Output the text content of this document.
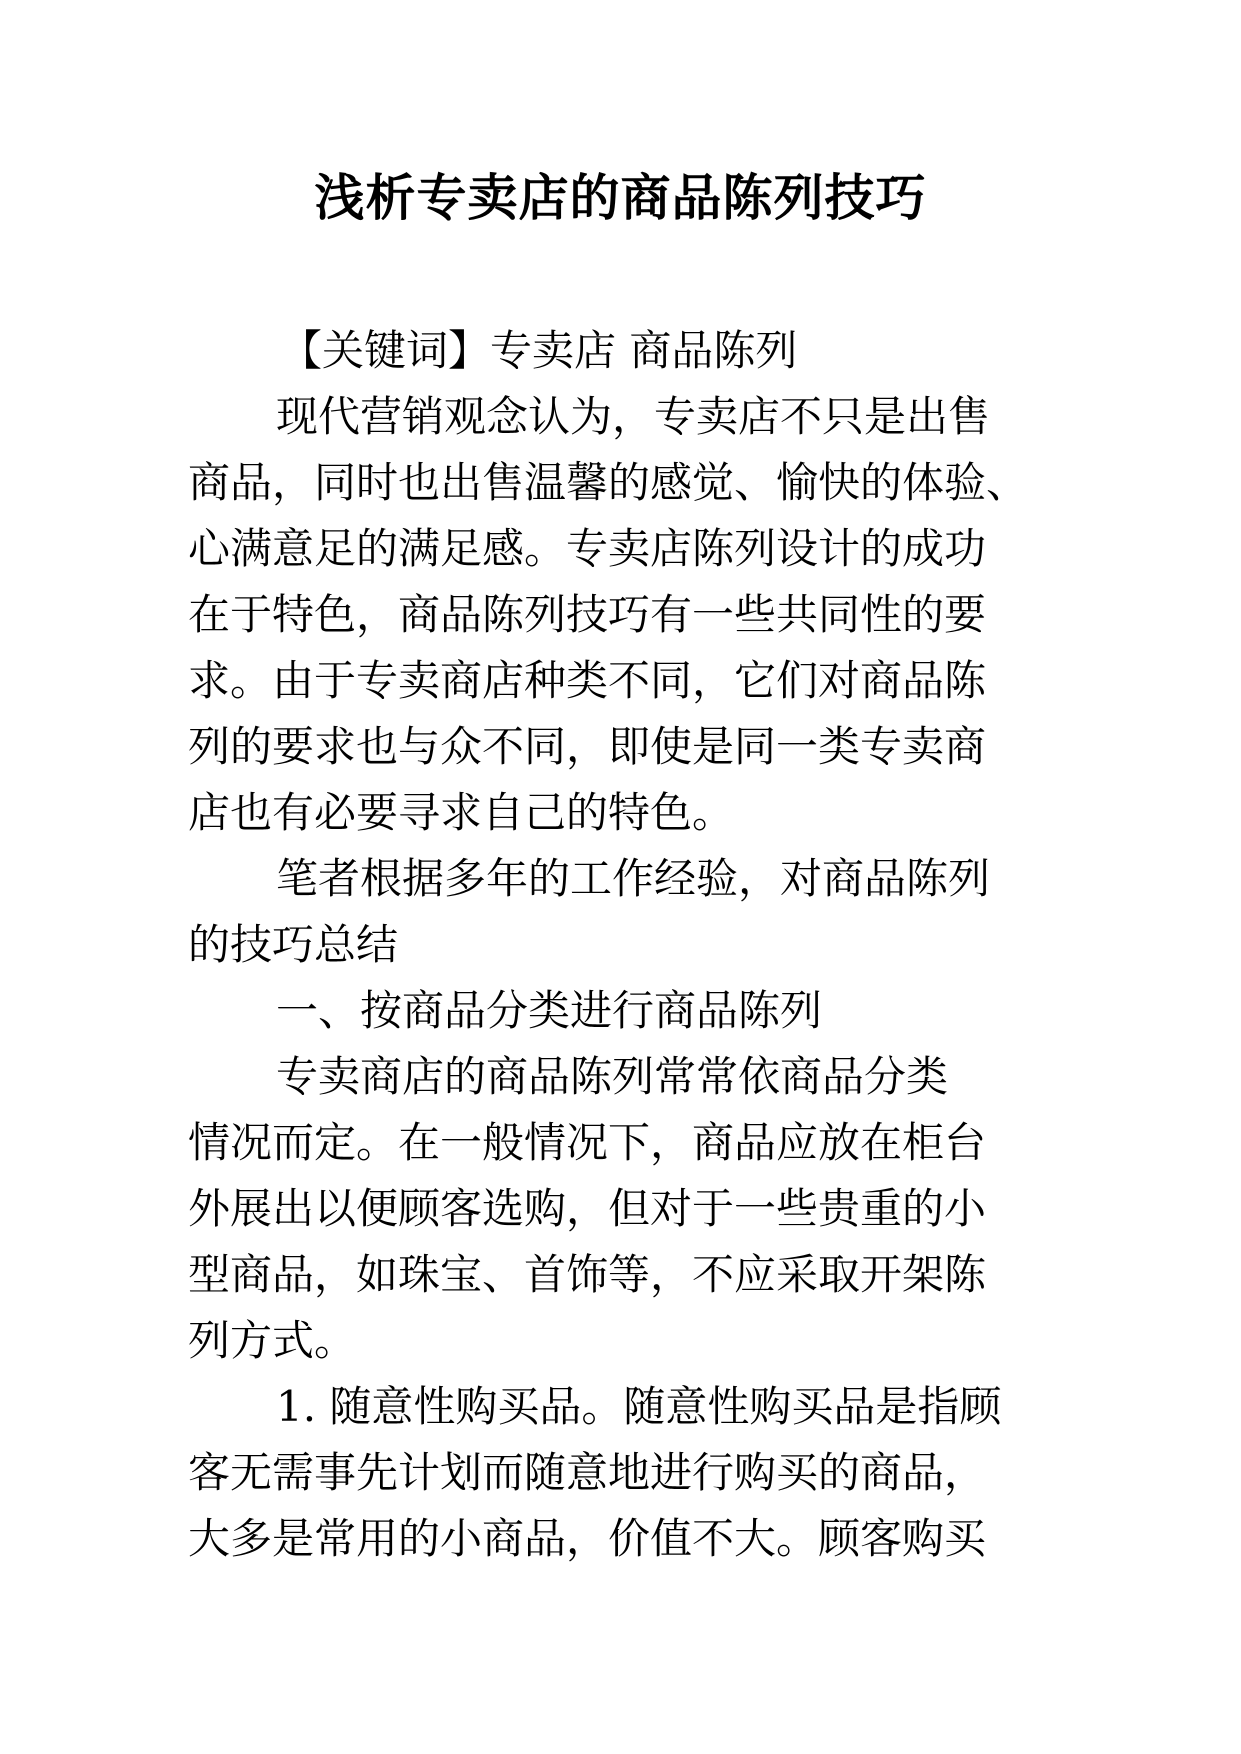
浅析专卖店的商品陈列技巧
【关键词】专卖店 商品陈列
现代营销观念认为，专卖店不只是出售
商品，同时也出售温馨的感觉、愉快的体验、
心满意足的满足感。专卖店陈列设计的成功
在于特色，商品陈列技巧有一些共同性的要
求。由于专卖商店种类不同，它们对商品陈
列的要求也与众不同，即使是同一类专卖商
店也有必要寻求自己的特色。
笔者根据多年的工作经验，对商品陈列
的技巧总结
一、按商品分类进行商品陈列
专卖商店的商品陈列常常依商品分类
情况而定。在一般情况下，商品应放在柜台
外展出以便顾客选购，但对于一些贵重的小
型商品，如珠宝、首饰等，不应采取开架陈
列方式。
1. 随意性购买品。随意性购买品是指顾
客无需事先计划而随意地进行购买的商品，
大多是常用的小商品，价值不大。顾客购买
